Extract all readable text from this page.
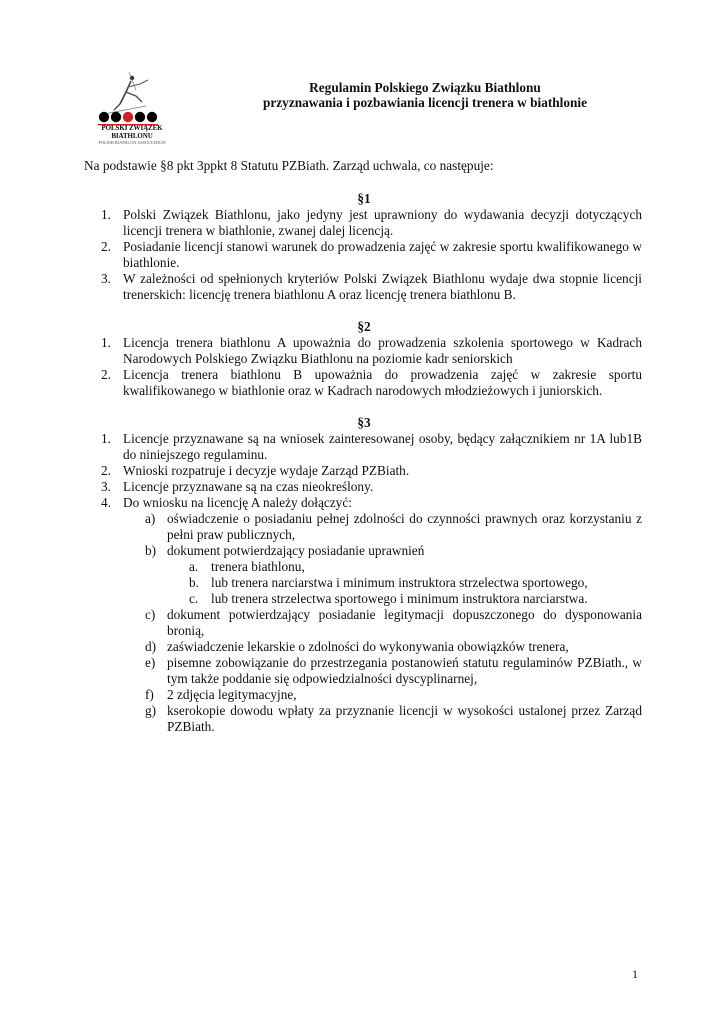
POLSKI ZWIĄZEK BIATHLONU
POLISH BIATHLON ASSOCIATION
Regulamin Polskiego Związku Biathlonu
przyznawania i pozbawiania licencji trenera w biathlonie
Na podstawie §8 pkt 3ppkt 8 Statutu PZBiath. Zarząd uchwala, co następuje:
§1
1. Polski Związek Biathlonu, jako jedyny jest uprawniony do wydawania decyzji dotyczących licencji trenera w biathlonie, zwanej dalej licencją.
2. Posiadanie licencji stanowi warunek do prowadzenia zajęć w zakresie sportu kwalifikowanego w biathlonie.
3. W zależności od spełnionych kryteriów Polski Związek Biathlonu wydaje dwa stopnie licencji trenerskich: licencję trenera biathlonu A oraz licencję trenera biathlonu B.
§2
1. Licencja trenera biathlonu A upoważnia do prowadzenia szkolenia sportowego w Kadrach Narodowych Polskiego Związku Biathlonu na poziomie kadr seniorskich
2. Licencja trenera biathlonu B upoważnia do prowadzenia zajęć w zakresie sportu kwalifikowanego w biathlonie oraz w Kadrach narodowych młodzieżowych i juniorskich.
§3
1. Licencje przyznawane są na wniosek zainteresowanej osoby, będący załącznikiem nr 1A lub1B do niniejszego regulaminu.
2. Wnioski rozpatruje i decyzje wydaje Zarząd PZBiath.
3. Licencje przyznawane są na czas nieokreślony.
4. Do wniosku na licencję A należy dołączyć:
a) oświadczenie o posiadaniu pełnej zdolności do czynności prawnych oraz korzystaniu z pełni praw publicznych,
b) dokument potwierdzający posiadanie uprawnień
a. trenera biathlonu,
b. lub trenera narciarstwa i minimum instruktora strzelectwa sportowego,
c. lub trenera strzelectwa sportowego i minimum instruktora narciarstwa.
c) dokument potwierdzający posiadanie legitymacji dopuszczonego do dysponowania bronią,
d) zaświadczenie lekarskie o zdolności do wykonywania obowiązków trenera,
e) pisemne zobowiązanie do przestrzegania postanowień statutu regulaminów PZBiath., w tym także poddanie się odpowiedzialności dyscyplinarnej,
f) 2 zdjęcia legitymacyjne,
g) kserokopie dowodu wpłaty za przyznanie licencji w wysokości ustalonej przez Zarząd PZBiath.
1
